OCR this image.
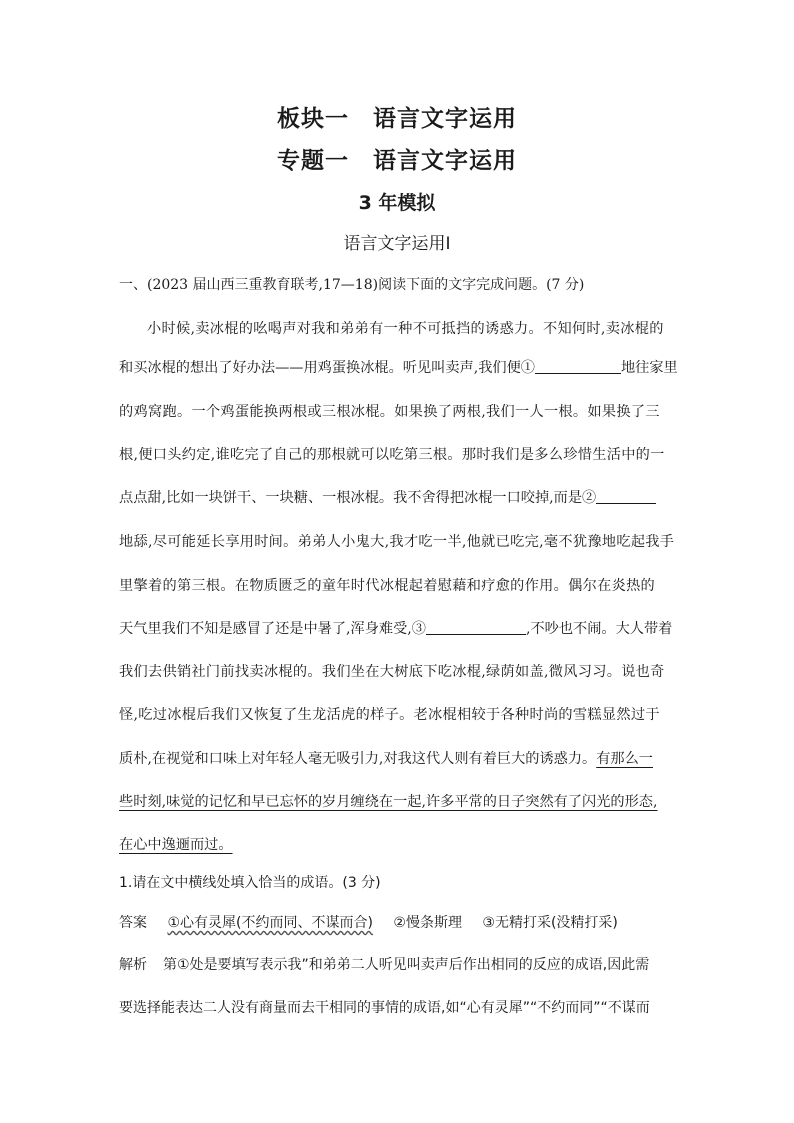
板块一　语言文字运用
专题一　语言文字运用
3 年模拟
语言文字运用Ⅰ
一、(2023 届山西三重教育联考,17—18)阅读下面的文字完成问题。(7 分)
小时候,卖冰棍的吆喝声对我和弟弟有一种不可抵挡的诱惑力。不知何时,卖冰棍的
和买冰棍的想出了好办法——用鸡蛋换冰棍。听见叫卖声,我们便①	地往家里
的鸡窝跑。一个鸡蛋能换两根或三根冰棍。如果换了两根,我们一人一根。如果换了三
根,便口头约定,谁吃完了自己的那根就可以吃第三根。那时我们是多么珍惜生活中的一
点点甜,比如一块饼干、一块糖、一根冰棍。我不舍得把冰棍一口咬掉,而是②
地舔,尽可能延长享用时间。弟弟人小鬼大,我才吃一半,他就已吃完,毫不犹豫地吃起我手
里擎着的第三根。在物质匮乏的童年时代冰棍起着慰藉和疗愈的作用。偶尔在炎热的
天气里我们不知是感冒了还是中暑了,浑身难受,③	,不吵也不闹。大人带着
我们去供销社门前找卖冰棍的。我们坐在大树底下吃冰棍,绿荫如盖,微风习习。说也奇
怪,吃过冰棍后我们又恢复了生龙活虎的样子。老冰棍相较于各种时尚的雪糕显然过于
质朴,在视觉和口味上对年轻人毫无吸引力,对我这代人则有着巨大的诱惑力。有那么一
些时刻,味觉的记忆和早已忘怀的岁月缠绕在一起,许多平常的日子突然有了闪光的形态,
在心中逸逦而过。
1.请在文中横线处填入恰当的成语。(3 分)
答案 ①心有灵犀(不约而同、不谋而合) ②慢条斯理 ③无精打采(没精打采)
解析 第①处是要填写表示我”和弟弟二人听见叫卖声后作出相同的反应的成语,因此需
要选择能表达二人没有商量而去干相同的事情的成语,如“心有灵犀”“不约而同”“不谋而
